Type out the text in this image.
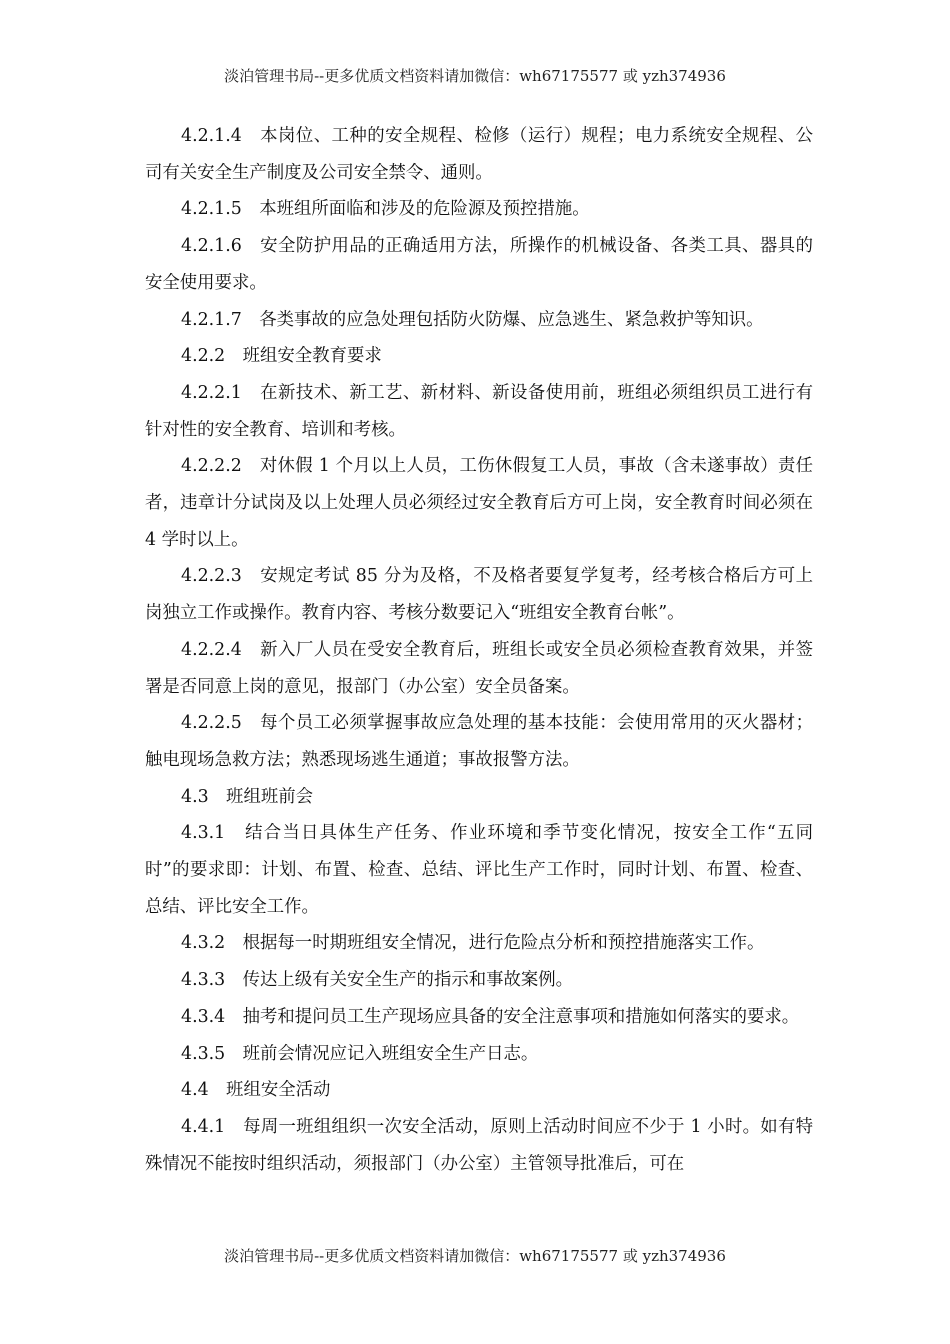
淡泊管理书局--更多优质文档资料请加微信：wh67175577 或 yzh374936

4.2.1.4　本岗位、工种的安全规程、检修（运行）规程；电力系统安全规程、公司有关安全生产制度及公司安全禁令、通则。

4.2.1.5　本班组所面临和涉及的危险源及预控措施。

4.2.1.6　安全防护用品的正确适用方法，所操作的机械设备、各类工具、器具的安全使用要求。

4.2.1.7　各类事故的应急处理包括防火防爆、应急逃生、紧急救护等知识。

4.2.2　班组安全教育要求

4.2.2.1　在新技术、新工艺、新材料、新设备使用前，班组必须组织员工进行有针对性的安全教育、培训和考核。

4.2.2.2　对休假 1 个月以上人员，工伤休假复工人员，事故（含未遂事故）责任者，违章计分试岗及以上处理人员必须经过安全教育后方可上岗，安全教育时间必须在 4 学时以上。

4.2.2.3　安规定考试 85 分为及格，不及格者要复学复考，经考核合格后方可上岗独立工作或操作。教育内容、考核分数要记入“班组安全教育台帐”。

4.2.2.4　新入厂人员在受安全教育后，班组长或安全员必须检查教育效果，并签署是否同意上岗的意见，报部门（办公室）安全员备案。

4.2.2.5　每个员工必须掌握事故应急处理的基本技能：会使用常用的灭火器材；触电现场急救方法；熟悉现场逃生通道；事故报警方法。

4.3　班组班前会

4.3.1　结合当日具体生产任务、作业环境和季节变化情况，按安全工作“五同时”的要求即：计划、布置、检查、总结、评比生产工作时，同时计划、布置、检查、总结、评比安全工作。

4.3.2　根据每一时期班组安全情况，进行危险点分析和预控措施落实工作。

4.3.3　传达上级有关安全生产的指示和事故案例。

4.3.4　抽考和提问员工生产现场应具备的安全注意事项和措施如何落实的要求。

4.3.5　班前会情况应记入班组安全生产日志。

4.4　班组安全活动

4.4.1　每周一班组组织一次安全活动，原则上活动时间应不少于 1 小时。如有特殊情况不能按时组织活动，须报部门（办公室）主管领导批准后，可在

淡泊管理书局--更多优质文档资料请加微信：wh67175577 或 yzh374936
